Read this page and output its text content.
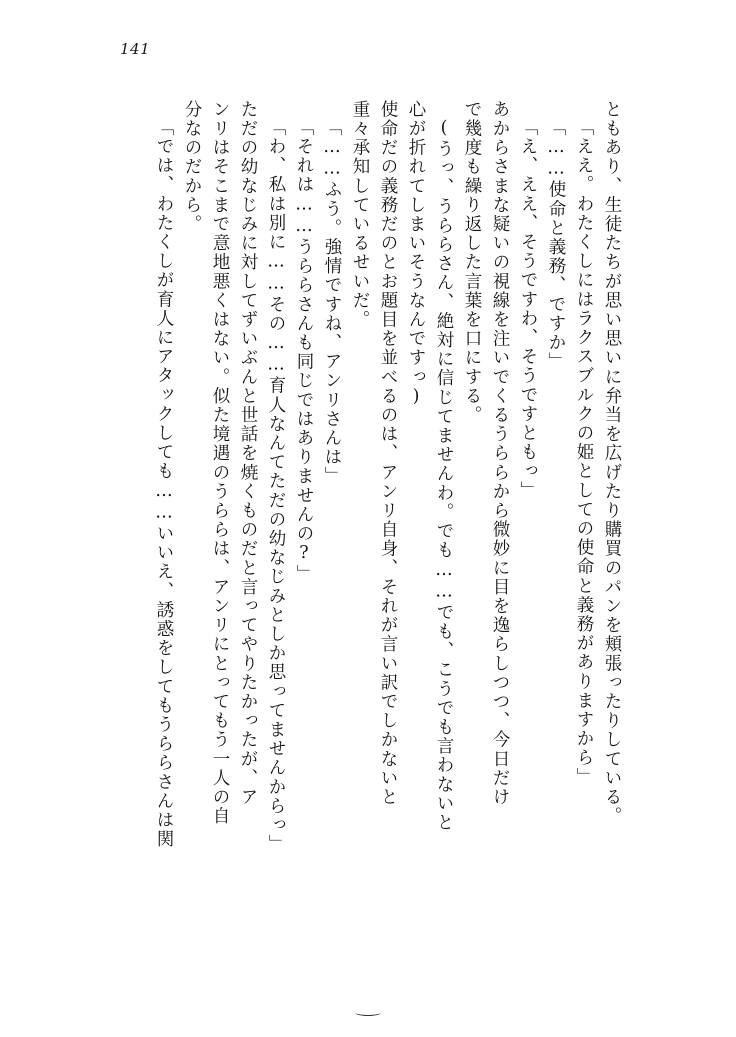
141
ともあり、生徒たちが思い思いに弁当を広げたり購買のパンを頬張ったりしている。
「ええ。わたくしにはラクスブルクの姫としての使命と義務がありますから」
「……使命と義務、ですか」
「え、ええ、そうですわ、そうですともっ」
あからさまな疑いの視線を注いでくるうららから微妙に目を逸らしつつ、今日だけ
で幾度も繰り返した言葉を口にする。
(うっ、うららさん、絶対に信じてませんわ。でも……でも、こうでも言わないと
心が折れてしまいそうなんですっ)
使命だの義務だのとお題目を並べるのは、アンリ自身、それが言い訳でしかないと
重々承知しているせいだ。
「……ふう。強情ですね、アンリさんは」
「それは……うららさんも同じではありませんの?」
「わ、私は別に……その……育人なんてただの幼なじみとしか思ってませんからっ」
ただの幼なじみに対してずいぶんと世話を焼くものだと言ってやりたかったが、ア
ンリはそこまで意地悪くはない。似た境遇のうららは、アンリにとってもう一人の自
分なのだから。
「では、わたくしが育人にアタックしても……いいえ、誘惑をしてもうららさんは関
